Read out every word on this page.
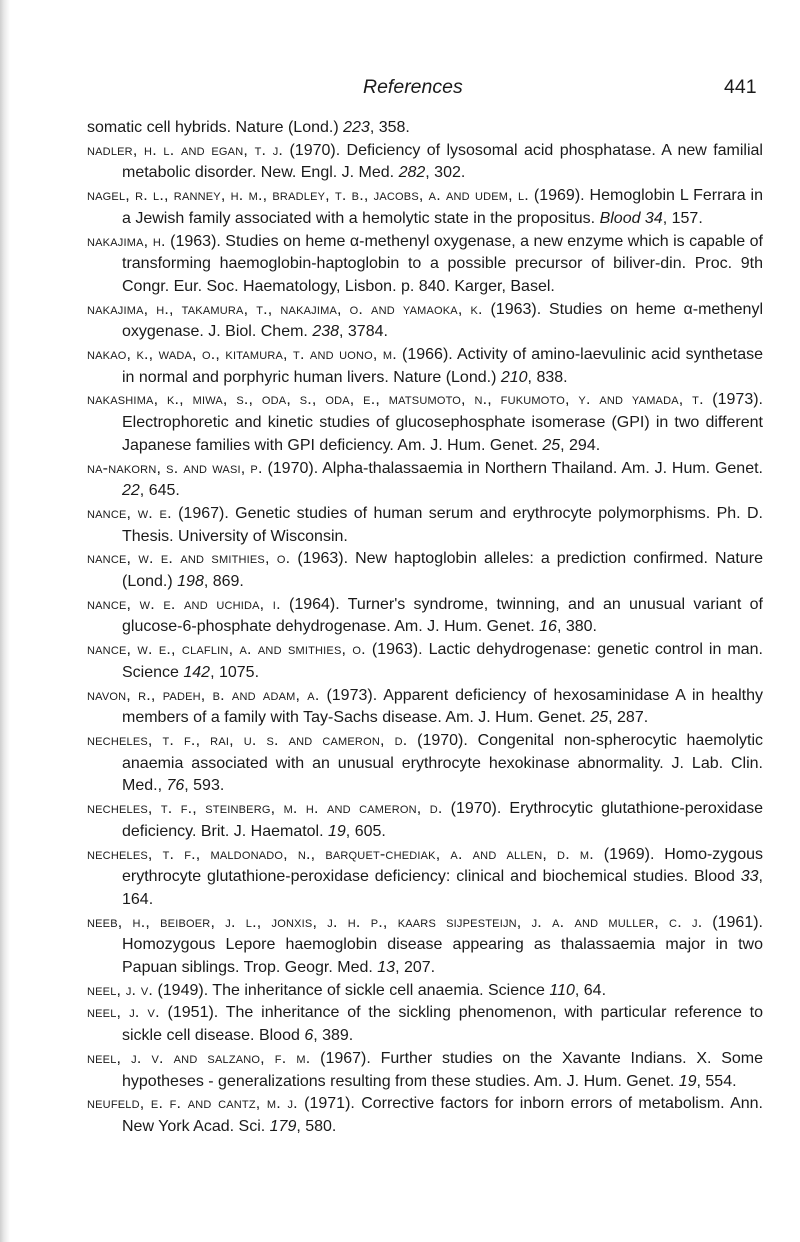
References	441
somatic cell hybrids. Nature (Lond.) 223, 358.
nadler, h. l. and egan, t. j. (1970). Deficiency of lysosomal acid phosphatase. A new familial metabolic disorder. New. Engl. J. Med. 282, 302.
nagel, r. l., ranney, h. m., bradley, t. b., jacobs, a. and udem, l. (1969). Hemoglobin L Ferrara in a Jewish family associated with a hemolytic state in the propositus. Blood 34, 157.
nakajima, h. (1963). Studies on heme α-methenyl oxygenase, a new enzyme which is capable of transforming haemoglobin-haptoglobin to a possible precursor of biliver-din. Proc. 9th Congr. Eur. Soc. Haematology, Lisbon. p. 840. Karger, Basel.
nakajima, h., takamura, t., nakajima, o. and yamaoka, k. (1963). Studies on heme α-methenyl oxygenase. J. Biol. Chem. 238, 3784.
nakao, k., wada, o., kitamura, t. and uono, m. (1966). Activity of amino-laevulinic acid synthetase in normal and porphyric human livers. Nature (Lond.) 210, 838.
nakashima, k., miwa, s., oda, s., oda, e., matsumoto, n., fukumoto, y. and yamada, t. (1973). Electrophoretic and kinetic studies of glucosephosphate isomerase (GPI) in two different Japanese families with GPI deficiency. Am. J. Hum. Genet. 25, 294.
na-nakorn, s. and wasi, p. (1970). Alpha-thalassaemia in Northern Thailand. Am. J. Hum. Genet. 22, 645.
nance, w. e. (1967). Genetic studies of human serum and erythrocyte polymorphisms. Ph. D. Thesis. University of Wisconsin.
nance, w. e. and smithies, o. (1963). New haptoglobin alleles: a prediction confirmed. Nature (Lond.) 198, 869.
nance, w. e. and uchida, i. (1964). Turner's syndrome, twinning, and an unusual variant of glucose-6-phosphate dehydrogenase. Am. J. Hum. Genet. 16, 380.
nance, w. e., claflin, a. and smithies, o. (1963). Lactic dehydrogenase: genetic control in man. Science 142, 1075.
navon, r., padeh, b. and adam, a. (1973). Apparent deficiency of hexosaminidase A in healthy members of a family with Tay-Sachs disease. Am. J. Hum. Genet. 25, 287.
necheles, t. f., rai, u. s. and cameron, d. (1970). Congenital non-spherocytic haemolytic anaemia associated with an unusual erythrocyte hexokinase abnormality. J. Lab. Clin. Med., 76, 593.
necheles, t. f., steinberg, m. h. and cameron, d. (1970). Erythrocytic glutathione-peroxidase deficiency. Brit. J. Haematol. 19, 605.
necheles, t. f., maldonado, n., barquet-chediak, a. and allen, d. m. (1969). Homo-zygous erythrocyte glutathione-peroxidase deficiency: clinical and biochemical studies. Blood 33, 164.
neeb, h., beiboer, j. l., jonxis, j. h. p., kaars sijpesteijn, j. a. and muller, c. j. (1961). Homozygous Lepore haemoglobin disease appearing as thalassaemia major in two Papuan siblings. Trop. Geogr. Med. 13, 207.
neel, j. v. (1949). The inheritance of sickle cell anaemia. Science 110, 64.
neel, j. v. (1951). The inheritance of the sickling phenomenon, with particular reference to sickle cell disease. Blood 6, 389.
neel, j. v. and salzano, f. m. (1967). Further studies on the Xavante Indians. X. Some hypotheses - generalizations resulting from these studies. Am. J. Hum. Genet. 19, 554.
neufeld, e. f. and cantz, m. j. (1971). Corrective factors for inborn errors of metabolism. Ann. New York Acad. Sci. 179, 580.
